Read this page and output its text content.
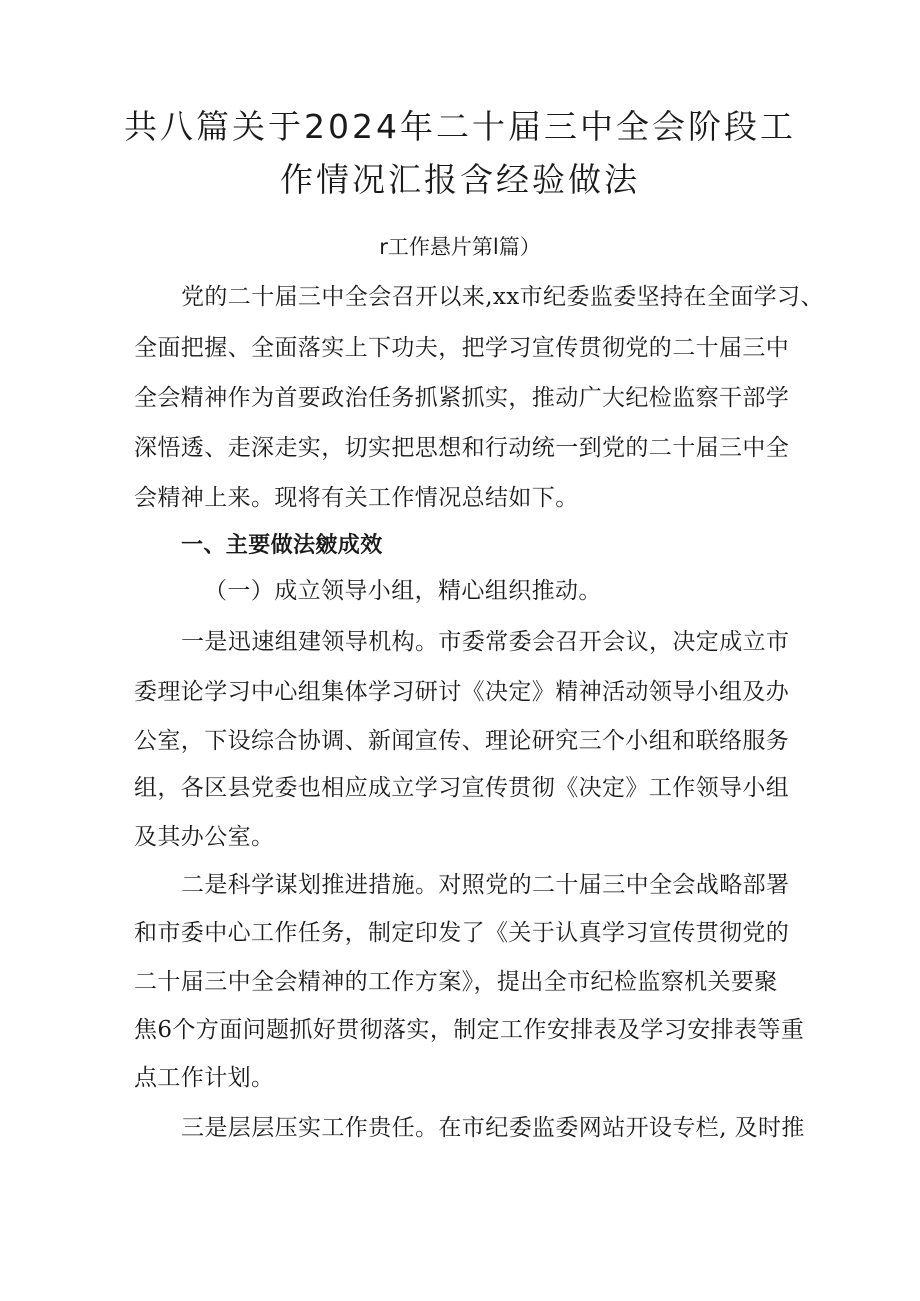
共八篇关于2024年二十届三中全会阶段工
作情况汇报含经验做法
r工作悬片第l篇）
党的二十届三中全会召开以来,xx市纪委监委坚持在全面学习、
全面把握、全面落实上下功夫，把学习宣传贯彻党的二十届三中
全会精神作为首要政治任务抓紧抓实，推动广大纪检监察干部学
深悟透、走深走实，切实把思想和行动统一到党的二十届三中全
会精神上来。现将有关工作情况总结如下。
一、主要做法皴成效
（一）成立领导小组，精心组织推动。
一是迅速组建领导机构。市委常委会召开会议，决定成立市
委理论学习中心组集体学习研讨《决定》精神活动领导小组及办
公室，下设综合协调、新闻宣传、理论研究三个小组和联络服务
组，各区县党委也相应成立学习宣传贯彻《决定》工作领导小组
及其办公室。
二是科学谋划推进措施。对照党的二十届三中全会战略部署
和市委中心工作任务，制定印发了《关于认真学习宣传贯彻党的
二十届三中全会精神的工作方案》，提出全市纪检监察机关要聚
焦6个方面问题抓好贯彻落实，制定工作安排表及学习安排表等重
点工作计划。
三是层层压实工作贵任。在市纪委监委网站开设专栏, 及时推
